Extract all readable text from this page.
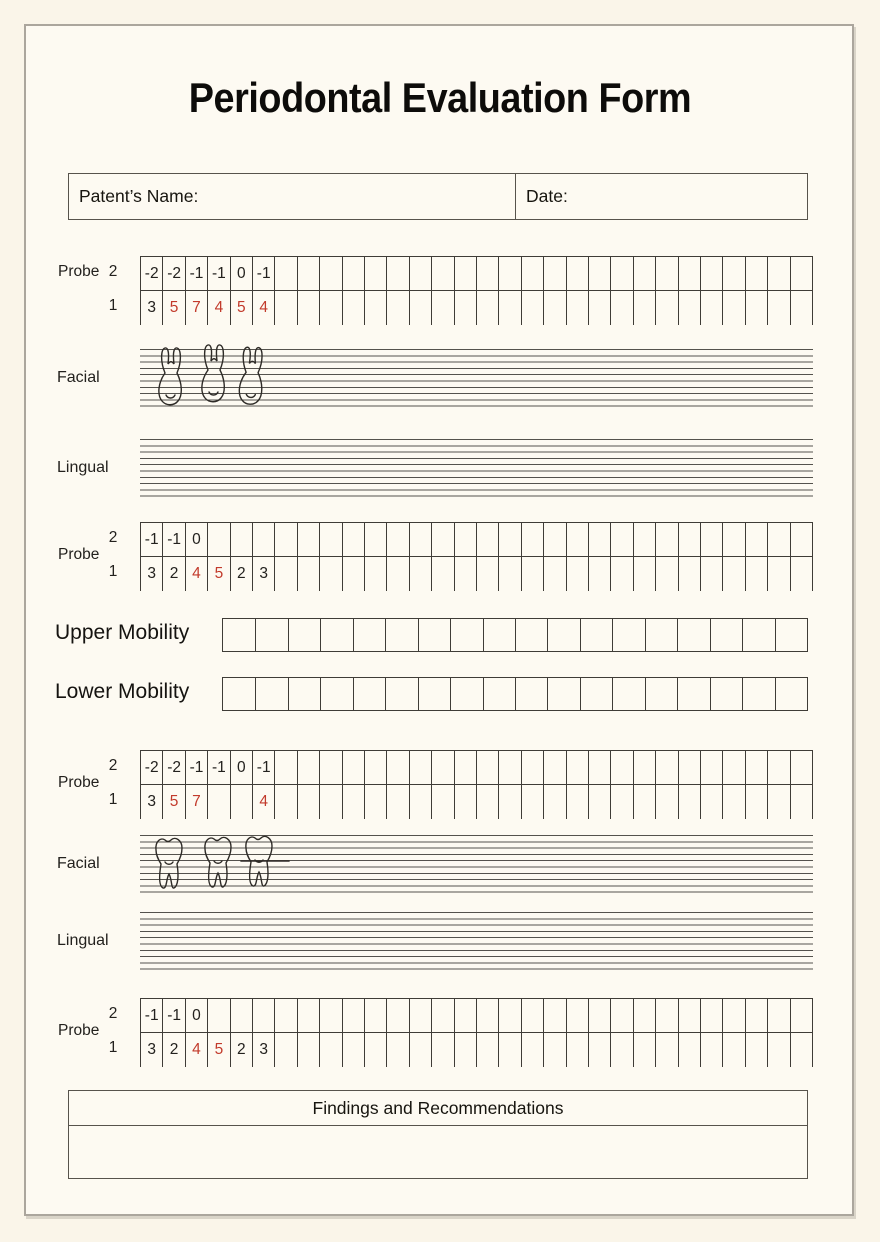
Periodontal Evaluation Form
Patent’s Name:	Date:
Probe 2
1
-2 -2 -1 -1 0 -1
3 5 7 4 5 4
Probe
2
1
-1 -1 0
3 2 4 5 2 3
Probe
2
1
-2 -2 -1 -1 0 -1
3 5 7	4
Probe
2
1
-1 -1 0
3 2 4 5 2 3
Facial
Lingual
Facial
Lingual
Upper Mobility
Lower Mobility
Findings and Recommendations
